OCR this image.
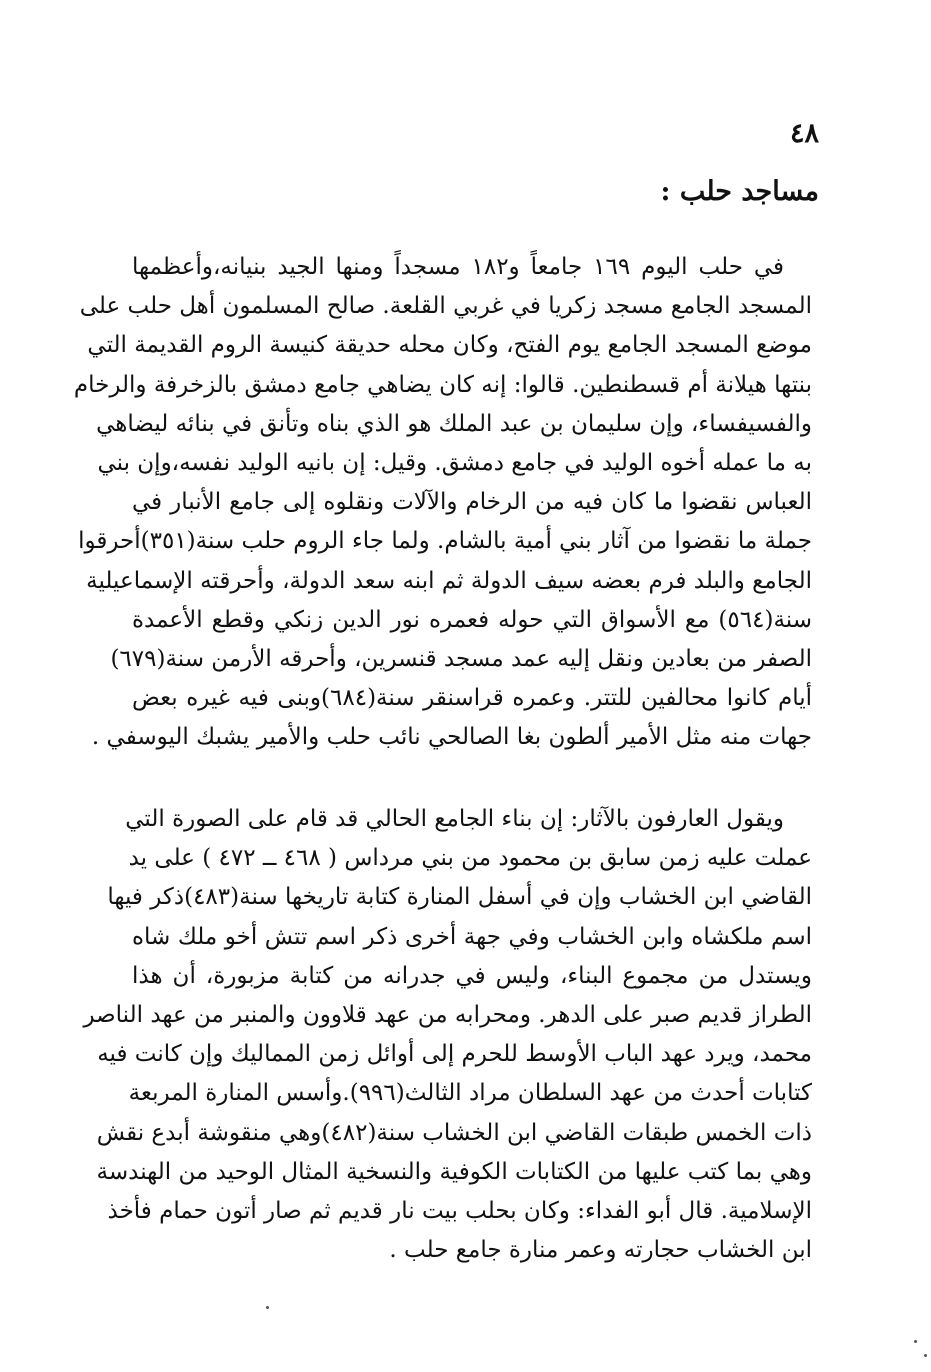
٤٨
مساجد حلب :
في حلب اليوم ١٦٩ جامعاً و١٨٢ مسجداً ومنها الجيد بنيانه،وأعظمها
المسجد الجامع مسجد زكريا في غربي القلعة. صالح المسلمون أهل حلب على
موضع المسجد الجامع يوم الفتح، وكان محله حديقة كنيسة الروم القديمة التي
بنتها هيلانة أم قسطنطين. قالوا: إنه كان يضاهي جامع دمشق بالزخرفة والرخام
والفسيفساء، وإن سليمان بن عبد الملك هو الذي بناه وتأنق في بنائه ليضاهي
به ما عمله أخوه الوليد في جامع دمشق. وقيل: إن بانيه الوليد نفسه،وإن بني
العباس نقضوا ما كان فيه من الرخام والآلات ونقلوه إلى جامع الأنبار في
جملة ما نقضوا من آثار بني أمية بالشام. ولما جاء الروم حلب سنة(٣٥١)أحرقوا
الجامع والبلد فرم بعضه سيف الدولة ثم ابنه سعد الدولة، وأحرقته الإسماعيلية
سنة(٥٦٤) مع الأسواق التي حوله فعمره نور الدين زنكي وقطع الأعمدة
الصفر من بعادين ونقل إليه عمد مسجد قنسرين، وأحرقه الأرمن سنة(٦٧٩)
أيام كانوا محالفين للتتر. وعمره قراسنقر سنة(٦٨٤)وبنى فيه غيره بعض
جهات منه مثل الأمير ألطون بغا الصالحي نائب حلب والأمير يشبك اليوسفي .
ويقول العارفون بالآثار: إن بناء الجامع الحالي قد قام على الصورة التي
عملت عليه زمن سابق بن محمود من بني مرداس ( ٤٦٨ ــ ٤٧٢ ) على يد
القاضي ابن الخشاب وإن في أسفل المنارة كتابة تاريخها سنة(٤٨٣)ذكر فيها
اسم ملكشاه وابن الخشاب وفي جهة أخرى ذكر اسم تتش أخو ملك شاه
ويستدل من مجموع البناء، وليس في جدرانه من كتابة مزبورة، أن هذا
الطراز قديم صبر على الدهر. ومحرابه من عهد قلاوون والمنبر من عهد الناصر
محمد، ويرد عهد الباب الأوسط للحرم إلى أوائل زمن المماليك وإن كانت فيه
كتابات أحدث من عهد السلطان مراد الثالث(٩٩٦).وأسس المنارة المربعة
ذات الخمس طبقات القاضي ابن الخشاب سنة(٤٨٢)وهي منقوشة أبدع نقش
وهي بما كتب عليها من الكتابات الكوفية والنسخية المثال الوحيد من الهندسة
الإسلامية. قال أبو الفداء: وكان بحلب بيت نار قديم ثم صار أتون حمام فأخذ
ابن الخشاب حجارته وعمر منارة جامع حلب .
